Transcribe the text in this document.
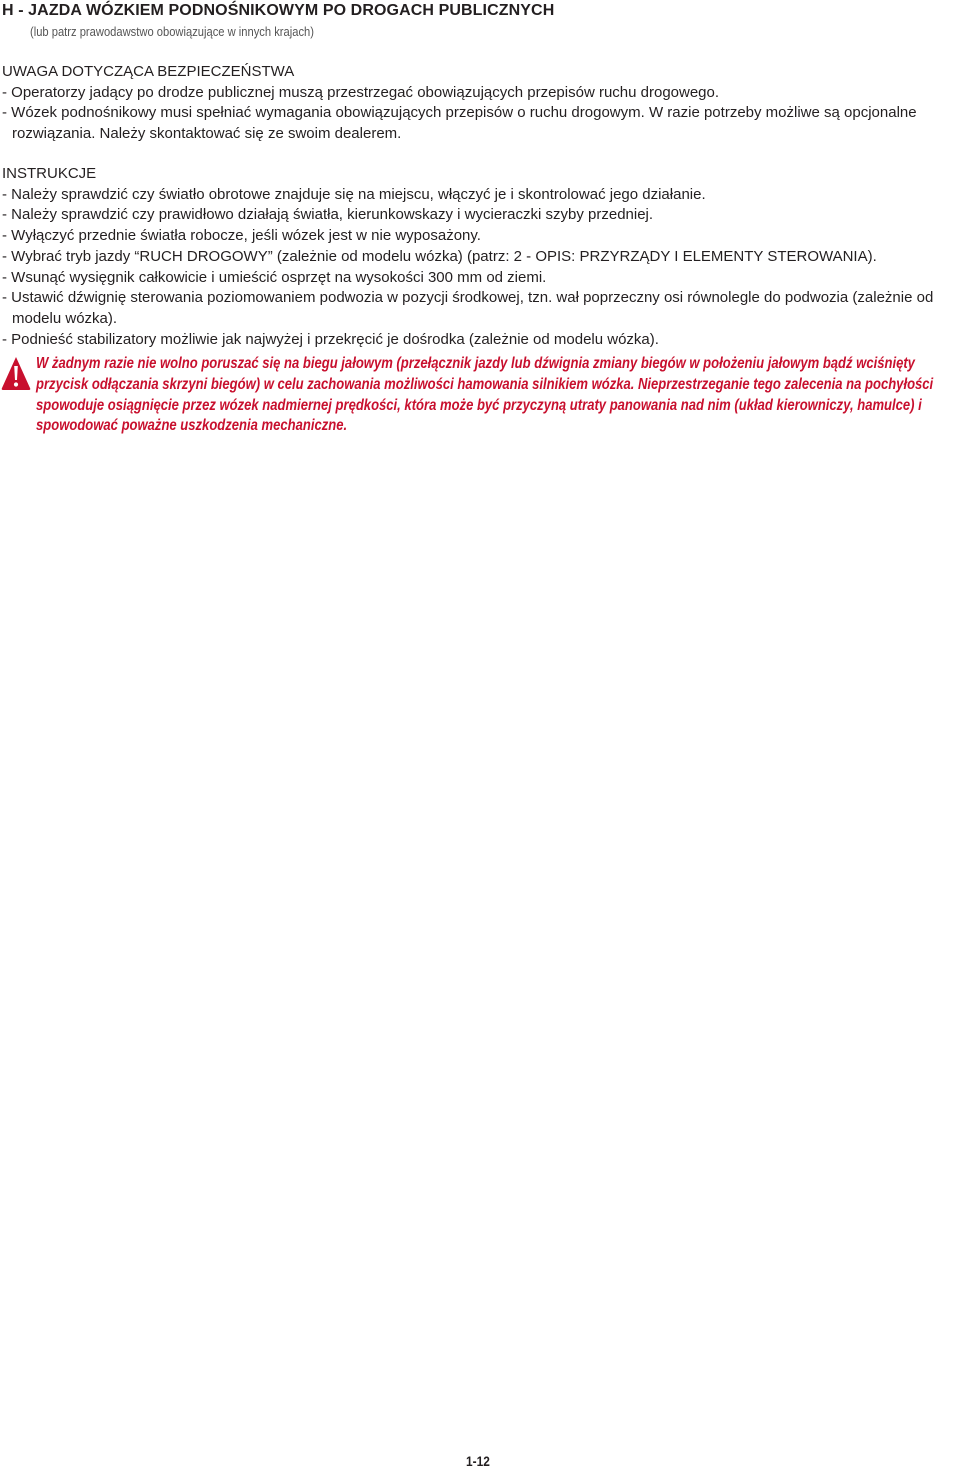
H - JAZDA WÓZKIEM PODNOŚNIKOWYM PO DROGACH PUBLICZNYCH
(lub patrz prawodawstwo obowiązujące w innych krajach)

UWAGA DOTYCZĄCA BEZPIECZEŃSTWA

- Operatorzy jadący po drodze publicznej muszą przestrzegać obowiązujących przepisów ruchu drogowego.

- Wózek podnośnikowy musi spełniać wymagania obowiązujących przepisów o ruchu drogowym. W razie potrzeby możliwe są opcjonalne rozwiązania. Należy skontaktować się ze swoim dealerem.

INSTRUKCJE

- Należy sprawdzić czy światło obrotowe znajduje się na miejscu, włączyć je i skontrolować jego działanie.

- Należy sprawdzić czy prawidłowo działają światła, kierunkowskazy i wycieraczki szyby przedniej.

- Wyłączyć przednie światła robocze, jeśli wózek jest w nie wyposażony.

- Wybrać tryb jazdy “RUCH DROGOWY” (zależnie od modelu wózka) (patrz: 2 - OPIS: PRZYRZĄDY I ELEMENTY STEROWANIA).

- Wsunąć wysięgnik całkowicie i umieścić osprzęt na wysokości 300 mm od ziemi.

- Ustawić dźwignię sterowania poziomowaniem podwozia w pozycji środkowej, tzn. wał poprzeczny osi równolegle do podwozia (zależnie od modelu wózka).

- Podnieść stabilizatory możliwie jak najwyżej i przekręcić je dośrodka (zależnie od modelu wózka).

W żadnym razie nie wolno poruszać się na biegu jałowym (przełącznik jazdy lub dźwignia zmiany biegów w położeniu jałowym bądź wciśnięty

przycisk odłączania skrzyni biegów) w celu zachowania możliwości hamowania silnikiem wózka. Nieprzestrzeganie tego zalecenia na pochyłości

spowoduje osiągnięcie przez wózek nadmiernej prędkości, która może być przyczyną utraty panowania nad nim (układ kierowniczy, hamulce) i

spowodować poważne uszkodzenia mechaniczne.

1-12
